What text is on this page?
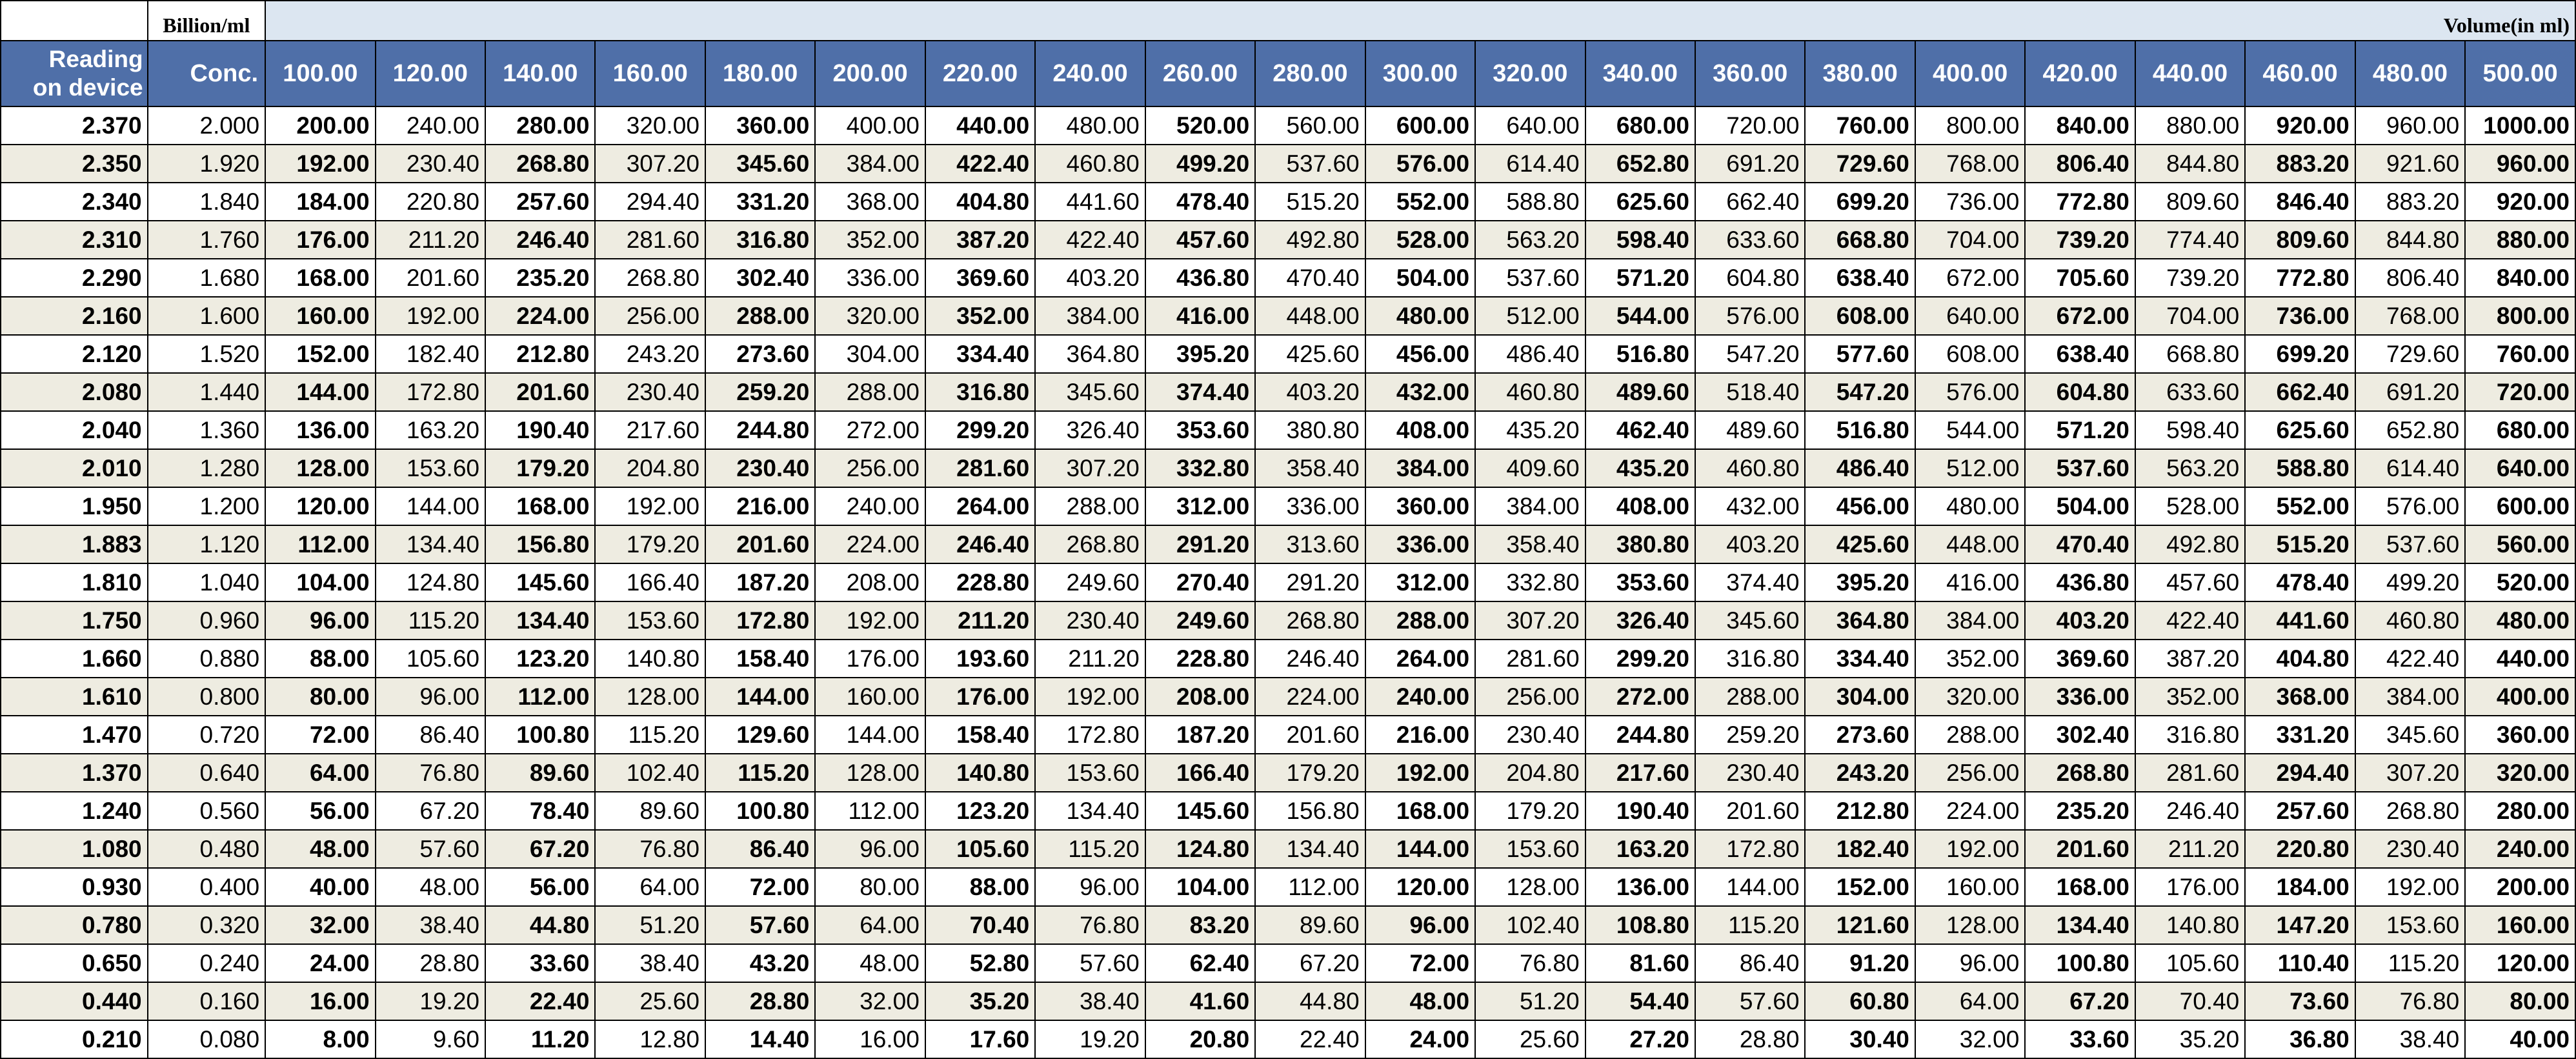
	Billion/ml	Volume(in ml)																				
Reading
on device	Conc.	100.00	120.00	140.00	160.00	180.00	200.00	220.00	240.00	260.00	280.00	300.00	320.00	340.00	360.00	380.00	400.00	420.00	440.00	460.00	480.00	500.00
2.370	2.000	200.00	240.00	280.00	320.00	360.00	400.00	440.00	480.00	520.00	560.00	600.00	640.00	680.00	720.00	760.00	800.00	840.00	880.00	920.00	960.00	1000.00
2.350	1.920	192.00	230.40	268.80	307.20	345.60	384.00	422.40	460.80	499.20	537.60	576.00	614.40	652.80	691.20	729.60	768.00	806.40	844.80	883.20	921.60	960.00
2.340	1.840	184.00	220.80	257.60	294.40	331.20	368.00	404.80	441.60	478.40	515.20	552.00	588.80	625.60	662.40	699.20	736.00	772.80	809.60	846.40	883.20	920.00
2.310	1.760	176.00	211.20	246.40	281.60	316.80	352.00	387.20	422.40	457.60	492.80	528.00	563.20	598.40	633.60	668.80	704.00	739.20	774.40	809.60	844.80	880.00
2.290	1.680	168.00	201.60	235.20	268.80	302.40	336.00	369.60	403.20	436.80	470.40	504.00	537.60	571.20	604.80	638.40	672.00	705.60	739.20	772.80	806.40	840.00
2.160	1.600	160.00	192.00	224.00	256.00	288.00	320.00	352.00	384.00	416.00	448.00	480.00	512.00	544.00	576.00	608.00	640.00	672.00	704.00	736.00	768.00	800.00
2.120	1.520	152.00	182.40	212.80	243.20	273.60	304.00	334.40	364.80	395.20	425.60	456.00	486.40	516.80	547.20	577.60	608.00	638.40	668.80	699.20	729.60	760.00
2.080	1.440	144.00	172.80	201.60	230.40	259.20	288.00	316.80	345.60	374.40	403.20	432.00	460.80	489.60	518.40	547.20	576.00	604.80	633.60	662.40	691.20	720.00
2.040	1.360	136.00	163.20	190.40	217.60	244.80	272.00	299.20	326.40	353.60	380.80	408.00	435.20	462.40	489.60	516.80	544.00	571.20	598.40	625.60	652.80	680.00
2.010	1.280	128.00	153.60	179.20	204.80	230.40	256.00	281.60	307.20	332.80	358.40	384.00	409.60	435.20	460.80	486.40	512.00	537.60	563.20	588.80	614.40	640.00
1.950	1.200	120.00	144.00	168.00	192.00	216.00	240.00	264.00	288.00	312.00	336.00	360.00	384.00	408.00	432.00	456.00	480.00	504.00	528.00	552.00	576.00	600.00
1.883	1.120	112.00	134.40	156.80	179.20	201.60	224.00	246.40	268.80	291.20	313.60	336.00	358.40	380.80	403.20	425.60	448.00	470.40	492.80	515.20	537.60	560.00
1.810	1.040	104.00	124.80	145.60	166.40	187.20	208.00	228.80	249.60	270.40	291.20	312.00	332.80	353.60	374.40	395.20	416.00	436.80	457.60	478.40	499.20	520.00
1.750	0.960	96.00	115.20	134.40	153.60	172.80	192.00	211.20	230.40	249.60	268.80	288.00	307.20	326.40	345.60	364.80	384.00	403.20	422.40	441.60	460.80	480.00
1.660	0.880	88.00	105.60	123.20	140.80	158.40	176.00	193.60	211.20	228.80	246.40	264.00	281.60	299.20	316.80	334.40	352.00	369.60	387.20	404.80	422.40	440.00
1.610	0.800	80.00	96.00	112.00	128.00	144.00	160.00	176.00	192.00	208.00	224.00	240.00	256.00	272.00	288.00	304.00	320.00	336.00	352.00	368.00	384.00	400.00
1.470	0.720	72.00	86.40	100.80	115.20	129.60	144.00	158.40	172.80	187.20	201.60	216.00	230.40	244.80	259.20	273.60	288.00	302.40	316.80	331.20	345.60	360.00
1.370	0.640	64.00	76.80	89.60	102.40	115.20	128.00	140.80	153.60	166.40	179.20	192.00	204.80	217.60	230.40	243.20	256.00	268.80	281.60	294.40	307.20	320.00
1.240	0.560	56.00	67.20	78.40	89.60	100.80	112.00	123.20	134.40	145.60	156.80	168.00	179.20	190.40	201.60	212.80	224.00	235.20	246.40	257.60	268.80	280.00
1.080	0.480	48.00	57.60	67.20	76.80	86.40	96.00	105.60	115.20	124.80	134.40	144.00	153.60	163.20	172.80	182.40	192.00	201.60	211.20	220.80	230.40	240.00
0.930	0.400	40.00	48.00	56.00	64.00	72.00	80.00	88.00	96.00	104.00	112.00	120.00	128.00	136.00	144.00	152.00	160.00	168.00	176.00	184.00	192.00	200.00
0.780	0.320	32.00	38.40	44.80	51.20	57.60	64.00	70.40	76.80	83.20	89.60	96.00	102.40	108.80	115.20	121.60	128.00	134.40	140.80	147.20	153.60	160.00
0.650	0.240	24.00	28.80	33.60	38.40	43.20	48.00	52.80	57.60	62.40	67.20	72.00	76.80	81.60	86.40	91.20	96.00	100.80	105.60	110.40	115.20	120.00
0.440	0.160	16.00	19.20	22.40	25.60	28.80	32.00	35.20	38.40	41.60	44.80	48.00	51.20	54.40	57.60	60.80	64.00	67.20	70.40	73.60	76.80	80.00
0.210	0.080	8.00	9.60	11.20	12.80	14.40	16.00	17.60	19.20	20.80	22.40	24.00	25.60	27.20	28.80	30.40	32.00	33.60	35.20	36.80	38.40	40.00
